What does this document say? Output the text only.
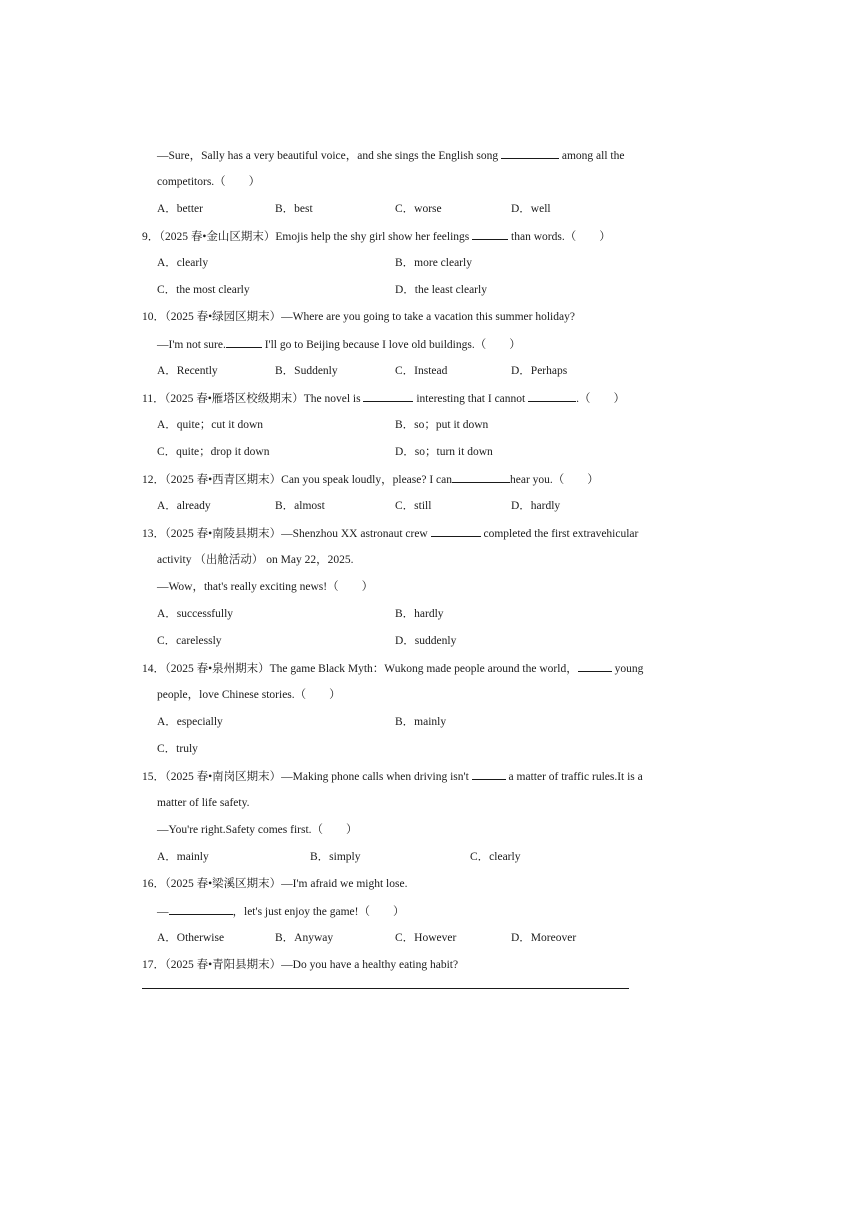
—Sure，Sally has a very beautiful voice，and she sings the English song	among all the
competitors.（　　）
A．better	B．best	C．worse	D．well
9．（2025 春•金山区期末）Emojis help the shy girl show her feelings	than words.（　　）
A．clearly	B．more clearly
C．the most clearly	D．the least clearly
10．（2025 春•绿园区期末）—Where are you going to take a vacation this summer holiday?
—I'm not sure.	I'll go to Beijing because I love old buildings.（　　）
A．Recently	B．Suddenly	C．Instead	D．Perhaps
11．（2025 春•雁塔区校级期末）The novel is	interesting that I cannot	.（　　）
A．quite；cut it down	B．so；put it down
C．quite；drop it down	D．so；turn it down
12．（2025 春•西青区期末）Can you speak loudly，please? I can	hear you.（　　）
A．already	B．almost	C．still	D．hardly
13．（2025 春•南陵县期末）—Shenzhou XX astronaut crew	completed the first extravehicular
activity （出舱活动） on May 22，2025.
—Wow，that's really exciting news!（　　）
A．successfully	B．hardly
C．carelessly	D．suddenly
14．（2025 春•泉州期末）The game Black Myth：Wukong made people around the world，	young
people，love Chinese stories.（　　）
A．especially	B．mainly
C．truly
15．（2025 春•南岗区期末）—Making phone calls when driving isn't	a matter of traffic rules.It is a
matter of life safety.
—You're right.Safety comes first.（　　）
A．mainly	B．simply	C．clearly
16．（2025 春•梁溪区期末）—I'm afraid we might lose.
—	，let's just enjoy the game!（　　）
A．Otherwise	B．Anyway	C．However	D．Moreover
17．（2025 春•青阳县期末）—Do you have a healthy eating habit?
